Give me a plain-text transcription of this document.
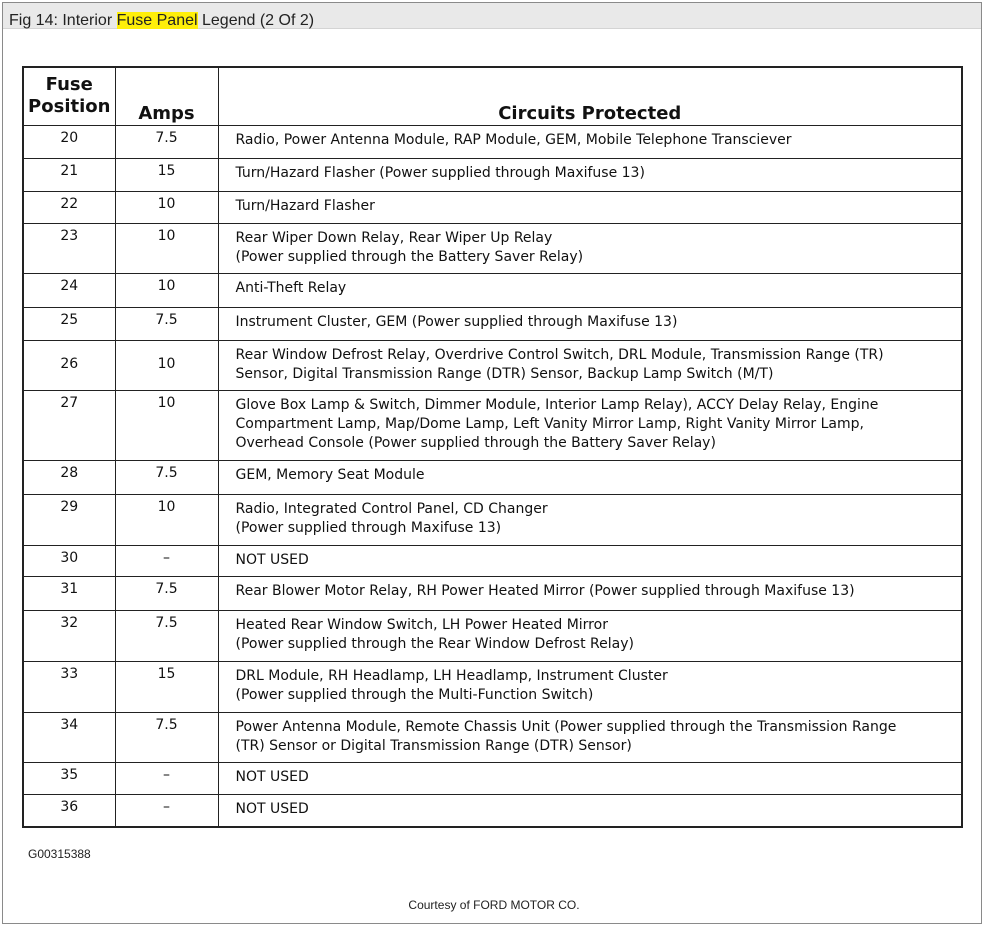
Fig 14: Interior Fuse Panel Legend (2 Of 2)
Fuse
Position	Amps	Circuits Protected
20	7.5	Radio, Power Antenna Module, RAP Module, GEM, Mobile Telephone Transciever

21	15	Turn/Hazard Flasher (Power supplied through Maxifuse 13)

22	10	Turn/Hazard Flasher

23	10	Rear Wiper Down Relay, Rear Wiper Up Relay
(Power supplied through the Battery Saver Relay)

24	10	Anti-Theft Relay

25	7.5	Instrument Cluster, GEM (Power supplied through Maxifuse 13)

26	10	Rear Window Defrost Relay, Overdrive Control Switch, DRL Module, Transmission Range (TR)
Sensor, Digital Transmission Range (DTR) Sensor, Backup Lamp Switch (M/T)

27	10	Glove Box Lamp & Switch, Dimmer Module, Interior Lamp Relay), ACCY Delay Relay, Engine
Compartment Lamp, Map/Dome Lamp, Left Vanity Mirror Lamp, Right Vanity Mirror Lamp,
Overhead Console (Power supplied through the Battery Saver Relay)

28	7.5	GEM, Memory Seat Module

29	10	Radio, Integrated Control Panel, CD Changer
(Power supplied through Maxifuse 13)

30	–	NOT USED

31	7.5	Rear Blower Motor Relay, RH Power Heated Mirror (Power supplied through Maxifuse 13)

32	7.5	Heated Rear Window Switch, LH Power Heated Mirror
(Power supplied through the Rear Window Defrost Relay)

33	15	DRL Module, RH Headlamp, LH Headlamp, Instrument Cluster
(Power supplied through the Multi-Function Switch)

34	7.5	Power Antenna Module, Remote Chassis Unit (Power supplied through the Transmission Range
(TR) Sensor or Digital Transmission Range (DTR) Sensor)

35	–	NOT USED

36	–	NOT USED
G00315388
Courtesy of FORD MOTOR CO.
